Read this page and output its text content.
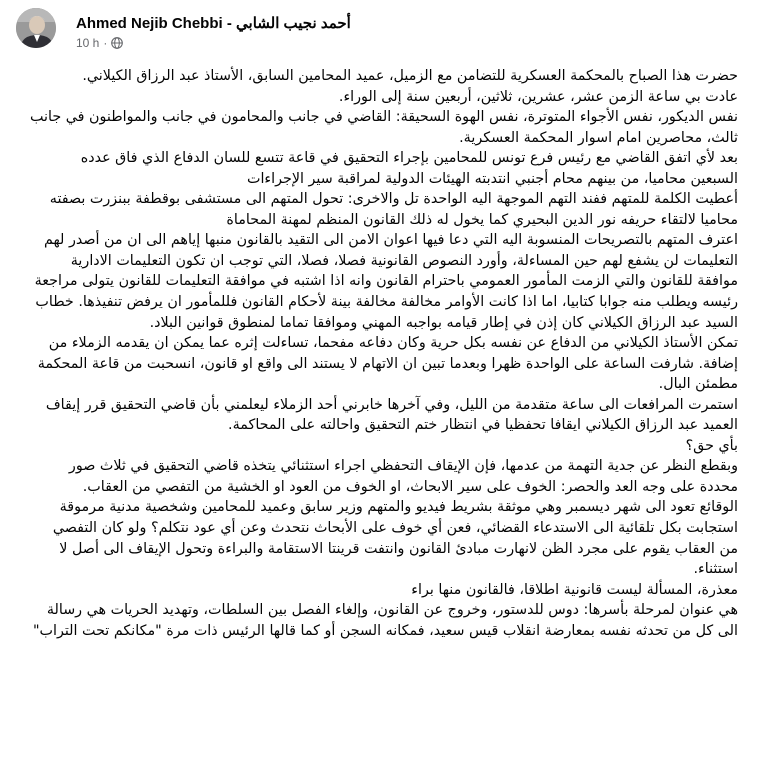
Ahmed Nejib Chebbi - أحمد نجيب الشابي
10 h ·

حضرت هذا الصباح بالمحكمة العسكرية للتضامن مع الزميل، عميد المحامين السابق، الأستاذ عبد الرزاق الكيلاني.

عادت بي ساعة الزمن عشر، عشرين، ثلاثين، أربعين سنة إلى الوراء.

نفس الديكور، نفس الأجواء المتوترة، نفس الهوة السحيقة: القاضي في جانب والمحامون في جانب والمواطنون في جانب ثالث، محاصرين امام اسوار المحكمة العسكرية.

بعد لأي اتفق القاضي مع رئيس فرع تونس للمحامين بإجراء التحقيق في قاعة تتسع للسان الدفاع الذي فاق عدده السبعين محاميا، من بينهم محام أجنبي انتدبته الهيئات الدولية لمراقبة سير الإجراءات

أعطيت الكلمة للمتهم ففند التهم الموجهة اليه الواحدة تل والاخرى: تحول المتهم الى مستشفى بوقطفة ببنزرت بصفته محاميا لالتقاء حريفه نور الدين البحيري كما يخول له ذلك القانون المنظم لمهنة المحاماة

اعترف المتهم بالتصريحات المنسوبة اليه التي دعا فيها اعوان الامن الى التقيد بالقانون منبها إياهم الى ان من أصدر لهم التعليمات لن يشفع لهم حين المساءلة، وأورد النصوص القانونية فصلا، فصلا، التي توجب ان تكون التعليمات الادارية موافقة للقانون والتي الزمت المأمور العمومي باحترام القانون وانه اذا اشتبه في موافقة التعليمات للقانون يتولى مراجعة رئيسه ويطلب منه جوابا كتابيا، اما اذا كانت الأوامر مخالفة مخالفة بينة لأحكام القانون فللمأمور ان يرفض تنفيذها. خطاب السيد عبد الرزاق الكيلاني كان إذن في إطار قيامه بواجبه المهني وموافقا تماما لمنطوق قوانين البلاد.

تمكن الأستاذ الكيلاني من الدفاع عن نفسه بكل حرية وكان دفاعه مفحما، تساءلت إثره عما يمكن ان يقدمه الزملاء من إضافة. شارفت الساعة على الواحدة ظهرا وبعدما تبين ان الاتهام لا يستند الى واقع او قانون، انسحبت من قاعة المحكمة مطمئن البال.

استمرت المرافعات الى ساعة متقدمة من الليل، وفي آخرها خابرني أحد الزملاء ليعلمني بأن قاضي التحقيق قرر إيقاف العميد عبد الرزاق الكيلاني ايقافا تحفظيا في انتظار ختم التحقيق واحالته على المحاكمة.

بأي حق؟

وبقطع النظر عن جدية التهمة من عدمها، فإن الإيقاف التحفظي اجراء استثنائي يتخذه قاضي التحقيق في ثلاث صور محددة على وجه العد والحصر: الخوف على سير الابحاث، او الخوف من العود او الخشية من التفصي من العقاب.

الوقائع تعود الى شهر ديسمبر وهي موثقة بشريط فيديو والمتهم وزير سابق وعميد للمحامين وشخصية مدنية مرموقة استجابت بكل تلقائية الى الاستدعاء القضائي، فعن أي خوف على الأبحاث نتحدث وعن أي عود نتكلم؟ ولو كان التفصي من العقاب يقوم على مجرد الظن لانهارت مبادئ القانون وانتفت قرينتا الاستقامة والبراءة وتحول الإيقاف الى أصل لا استثناء.

معذرة، المسألة ليست قانونية اطلاقا، فالقانون منها براء

هي عنوان لمرحلة بأسرها: دوس للدستور، وخروج عن القانون، وإلغاء الفصل بين السلطات، وتهديد الحريات هي رسالة الى كل من تحدثه نفسه بمعارضة انقلاب قيس سعيد، فمكانه السجن أو كما قالها الرئيس ذات مرة "مكانكم تحت التراب"
